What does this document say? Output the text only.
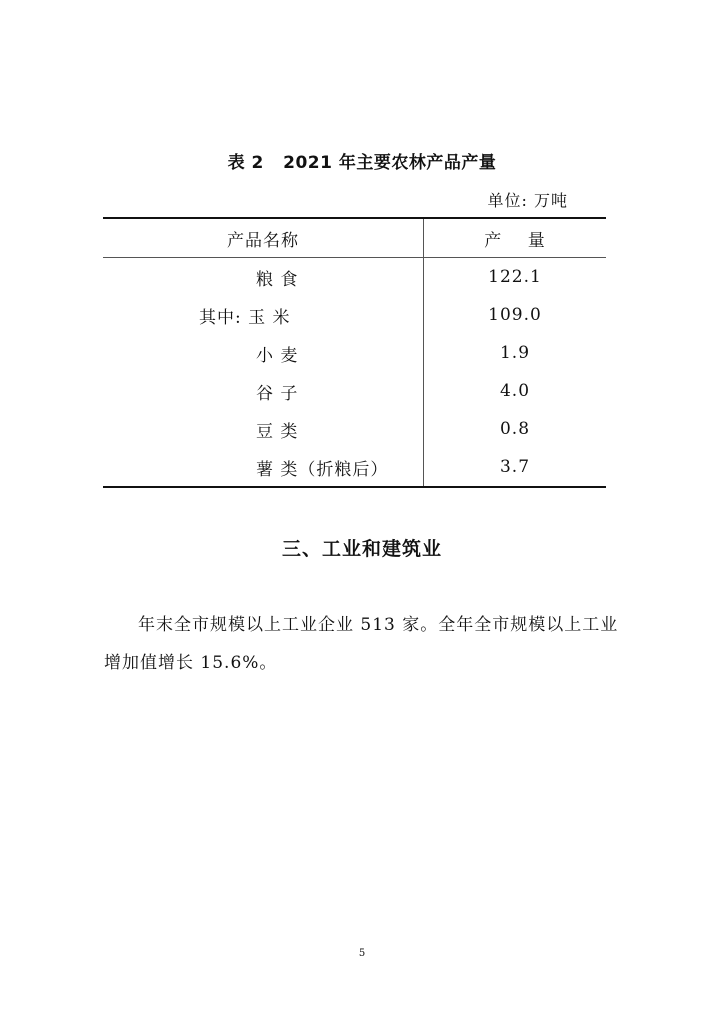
表 2   2021 年主要农林产品产量
单位: 万吨
产品名称	产    量
粮 食	122.1
其中: 玉 米	109.0
小 麦	1.9
谷 子	4.0
豆 类	0.8
薯 类（折粮后）	3.7
三、工业和建筑业
年末全市规模以上工业企业 513 家。全年全市规模以上工业增加值增长 15.6%。
5
